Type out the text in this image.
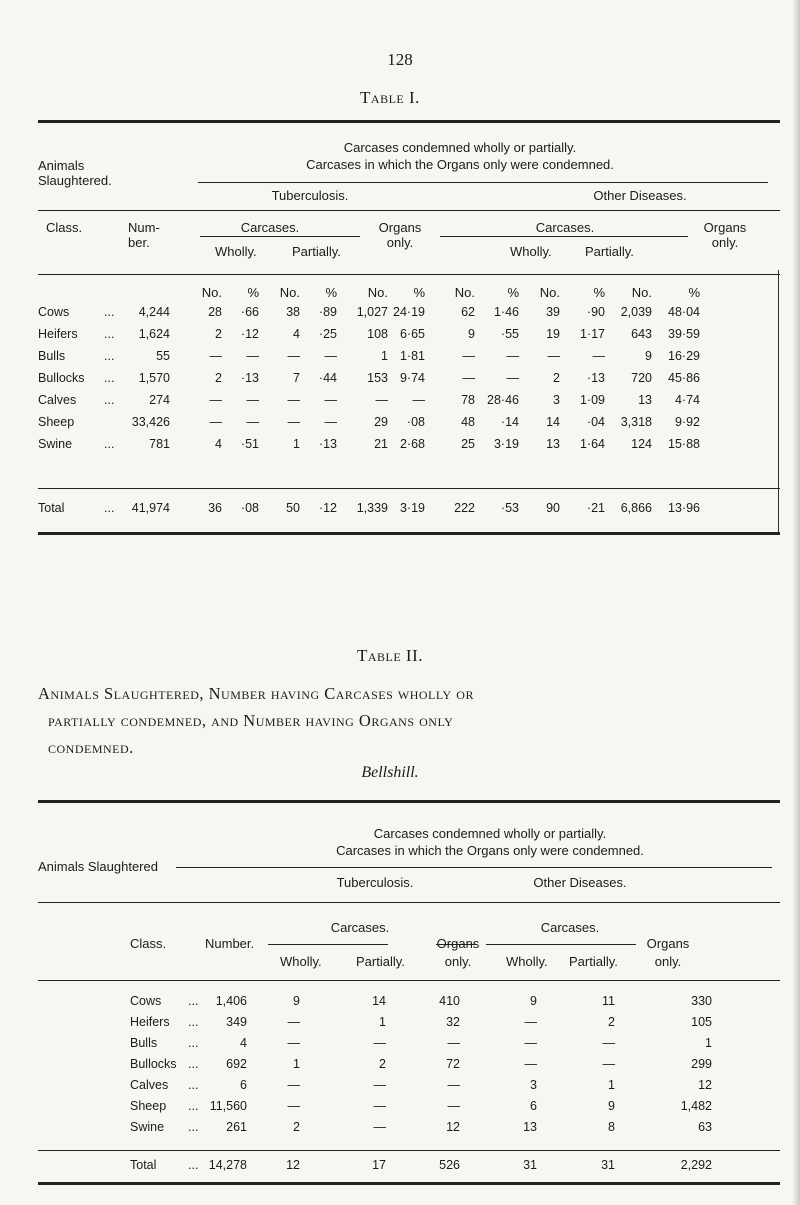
128
Table I.
Animals Slaughtered.
Carcases condemned wholly or partially.
Carcases in which the Organs only were condemned.
Tuberculosis.	Other Diseases.
Class.	Num- ber.
Carcases.	Organs only.
Carcases.	Organs only.
Wholly.	Partially.	Wholly.	Partially.
No.	%	No.	%	No.	%	No.	%	No.	%	No.	%
Cows	...	4,244	28	·66	38	·89	1,027 24·19	62	1·46	39	·90	2,039	48·04
Heifers ...	1,624	2	·12	4	·25	108 6·65	9	·55	19	1·17	643	39·59
Bulls	...	55	—	—	—	—	1 1·81	—	—	—	—	9	16·29
Bullocks ...	1,570	2	·13	7	·44	153 9·74	—	—	2	·13	720	45·86
Calves ...	274	—	—	—	—	—	—	78 28·46	3	1·09	13	4·74
Sheep	33,426	—	—	—	—	29	·08	48	·14	14	·04	3,318	9·92
Swine	...	781	4	·51	1	·13	21 2·68	25	3·19	13	1·64	124	15·88
Total	...	41,974	36	·08	50	·12	1,339 3·19	222	·53	90	·21	6,866	13·96
Table II.
Animals Slaughtered, Number having Carcases wholly or
partially condemned, and Number having Organs only
condemned.
Bellshill.
Carcases condemned wholly or partially.
Carcases in which the Organs only were condemned.
Animals Slaughtered
Tuberculosis.	Other Diseases.
Carcases.	Carcases.
Class.	Number.	Organs	Organs
Wholly.	Partially.	only.	Wholly. Partially.	only.
Cows ...	1,406	9	14	410	9	11	330
Heifers ...	349	—	1	32	—	2	105
Bulls ...	4	—	—	—	—	—	1
Bullocks ...	692	1	2	72	—	—	299
Calves ...	6	—	—	—	3	1	12
Sheep ... 11,560	—	—	—	6	9	1,482
Swine ...	261	2	—	12	13	8	63
Total	... 14,278	12	17	526	31	31	2,292
